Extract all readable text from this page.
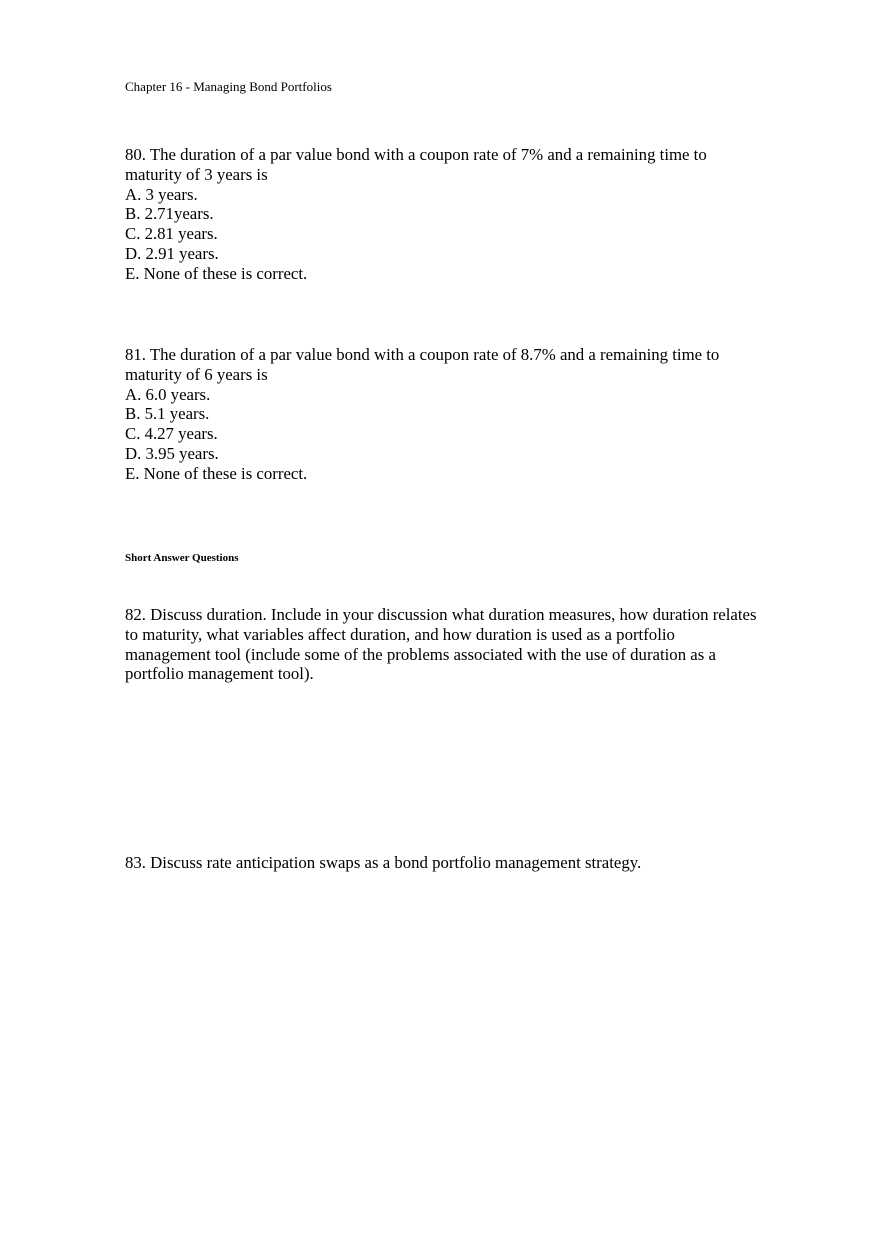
Chapter 16 - Managing Bond Portfolios
80. The duration of a par value bond with a coupon rate of 7% and a remaining time to
maturity of 3 years is
A. 3 years.
B. 2.71years.
C. 2.81 years.
D. 2.91 years.
E. None of these is correct.
81. The duration of a par value bond with a coupon rate of 8.7% and a remaining time to
maturity of 6 years is
A. 6.0 years.
B. 5.1 years.
C. 4.27 years.
D. 3.95 years.
E. None of these is correct.
Short Answer Questions
82. Discuss duration. Include in your discussion what duration measures, how duration relates
to maturity, what variables affect duration, and how duration is used as a portfolio
management tool (include some of the problems associated with the use of duration as a
portfolio management tool).
83. Discuss rate anticipation swaps as a bond portfolio management strategy.
